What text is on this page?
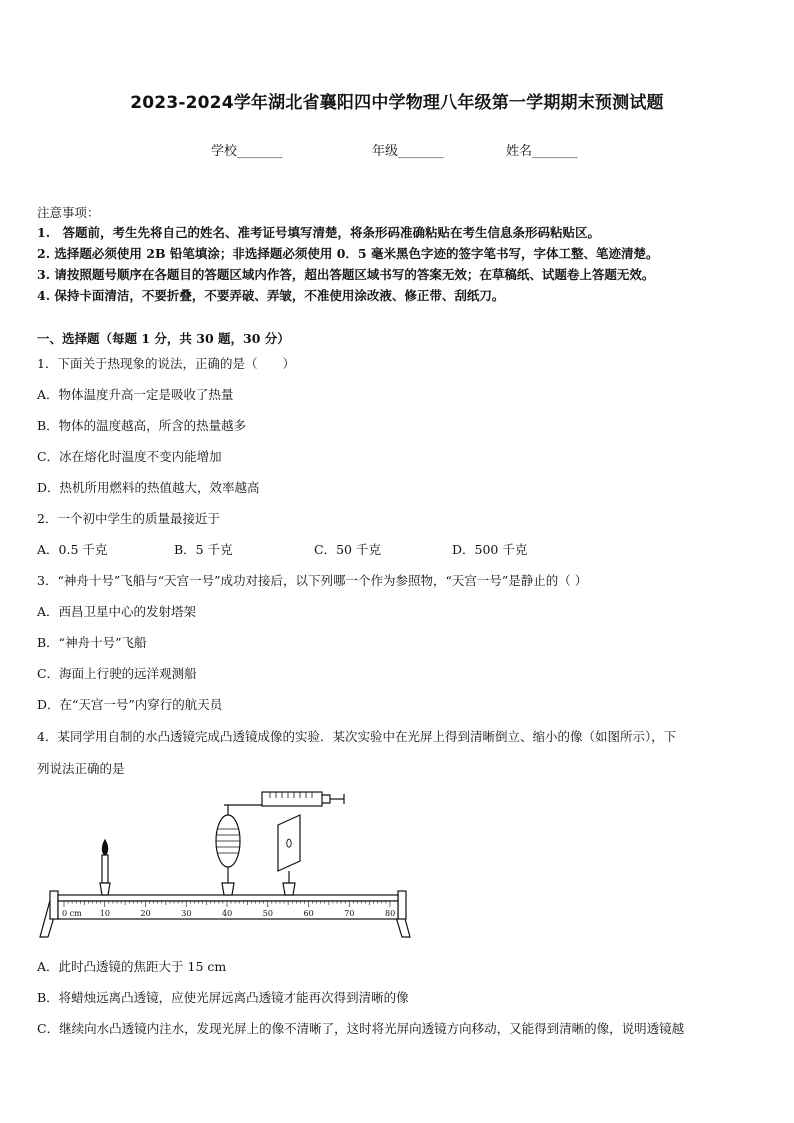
2023-2024学年湖北省襄阳四中学物理八年级第一学期期末预测试题
学校_______	年级_______	姓名_______
注意事项：
1.　答题前，考生先将自己的姓名、准考证号填写清楚，将条形码准确粘贴在考生信息条形码粘贴区。
2. 选择题必须使用 2B 铅笔填涂；非选择题必须使用 0．5 毫米黑色字迹的签字笔书写，字体工整、笔迹清楚。
3. 请按照题号顺序在各题目的答题区域内作答，超出答题区域书写的答案无效；在草稿纸、试题卷上答题无效。
4. 保持卡面清洁，不要折叠，不要弄破、弄皱，不准使用涂改液、修正带、刮纸刀。
一、选择题（每题 1 分，共 30 题，30 分）
1．下面关于热现象的说法，正确的是（　　）
A．物体温度升高一定是吸收了热量
B．物体的温度越高，所含的热量越多
C．冰在熔化时温度不变内能增加
D．热机所用燃料的热值越大，效率越高
2．一个初中学生的质量最接近于
A．0.5 千克	B．5 千克	C．50 千克	D．500 千克
3．“神舟十号”飞船与“天宫一号”成功对接后，以下列哪一个作为参照物，“天宫一号”是静止的（ ）
A．西昌卫星中心的发射塔架
B．“神舟十号”飞船
C．海面上行驶的远洋观测船
D．在“天宫一号”内穿行的航天员
4．某同学用自制的水凸透镜完成凸透镜成像的实验．某次实验中在光屏上得到清晰倒立、缩小的像（如图所示），下
列说法正确的是
0 cm 10	20	30	40	50	60	70	80
A．此时凸透镜的焦距大于 15 cm
B．将蜡烛远离凸透镜，应使光屏远离凸透镜才能再次得到清晰的像
C．继续向水凸透镜内注水，发现光屏上的像不清晰了，这时将光屏向透镜方向移动，又能得到清晰的像，说明透镜越
